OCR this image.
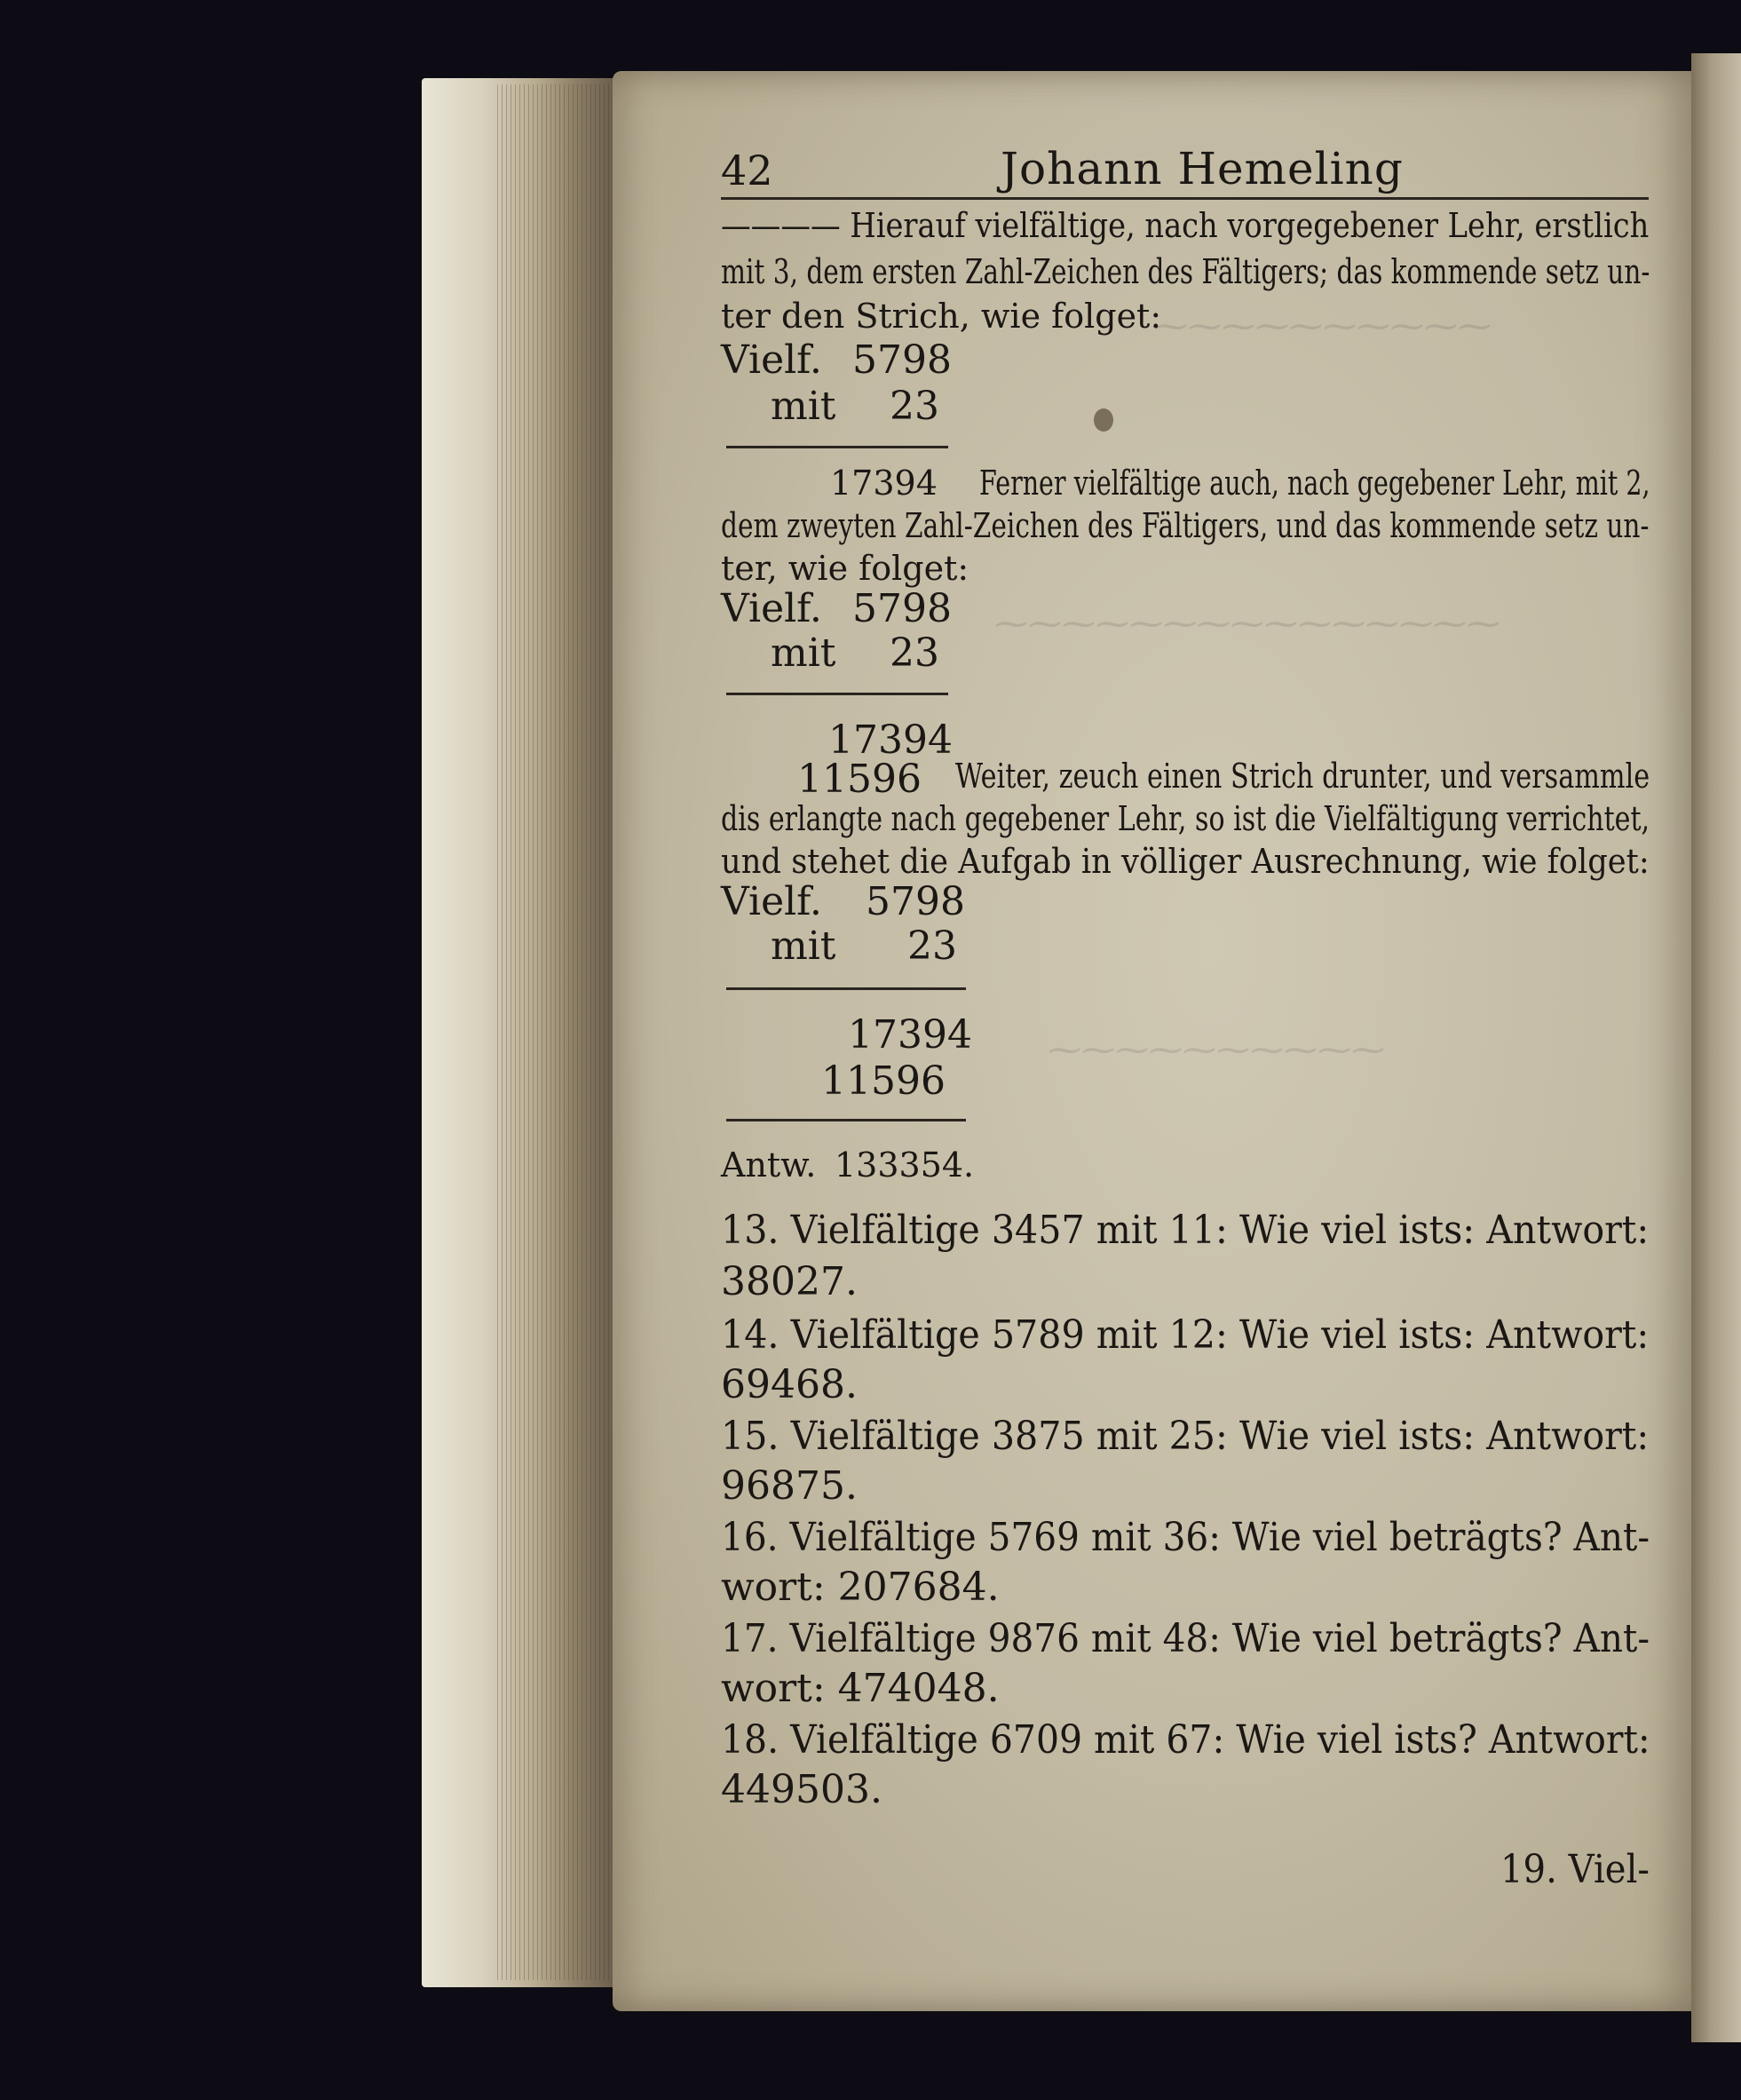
⁓⁓⁓⁓⁓⁓⁓⁓⁓⁓
⁓⁓⁓⁓⁓⁓⁓⁓⁓⁓⁓⁓⁓⁓⁓
⁓⁓⁓⁓⁓⁓⁓⁓⁓⁓
42	Johann Hemeling
———— Hierauf vielfältige, nach vorgegebener Lehr, erstlich
mit 3, dem ersten Zahl-Zeichen des Fältigers; das kommende setz un-
ter den Strich, wie folget:
Vielf. 5798
mit 23
17394 Ferner vielfältige auch, nach gegebener Lehr, mit 2,
dem zweyten Zahl-Zeichen des Fältigers, und das kommende setz un-
ter, wie folget:
Vielf. 5798
mit 23
17394
11596 Weiter, zeuch einen Strich drunter, und versammle
dis erlangte nach gegebener Lehr, so ist die Vielfältigung verrichtet,
und stehet die Aufgab in völliger Ausrechnung, wie folget:
Vielf. 5798
mit 23
17394
11596
Antw. 133354.
13. Vielfältige 3457 mit 11: Wie viel ists: Antwort:
38027.
14. Vielfältige 5789 mit 12: Wie viel ists: Antwort:
69468.
15. Vielfältige 3875 mit 25: Wie viel ists: Antwort:
96875.
16. Vielfältige 5769 mit 36: Wie viel beträgts? Ant-
wort: 207684.
17. Vielfältige 9876 mit 48: Wie viel beträgts? Ant-
wort: 474048.
18. Vielfältige 6709 mit 67: Wie viel ists? Antwort:
449503.
19. Viel-
